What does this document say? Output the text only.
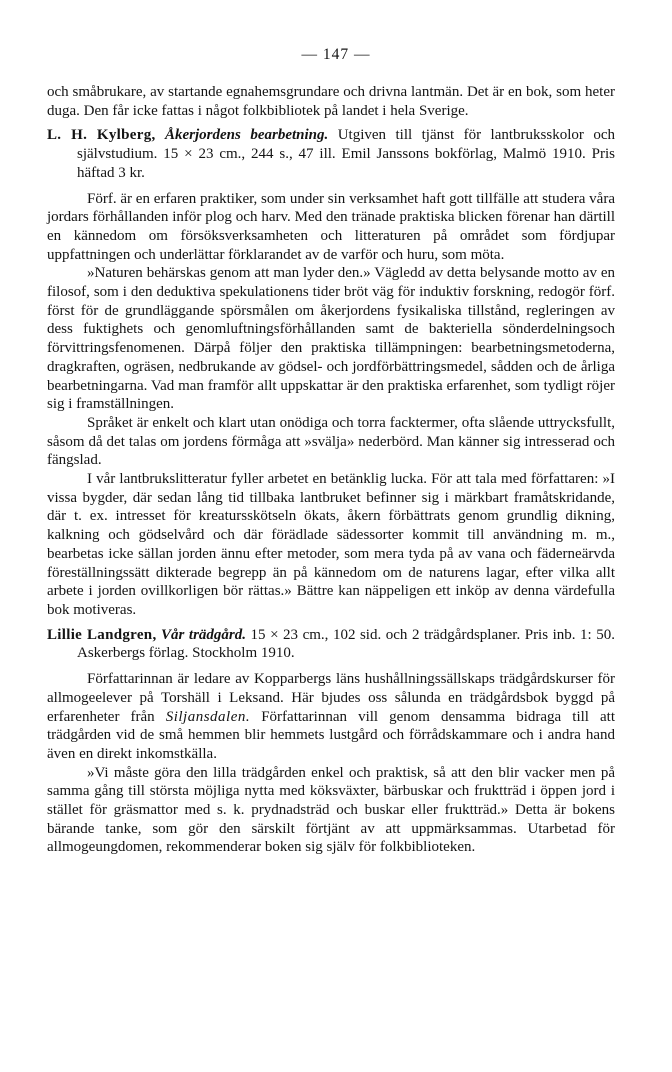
— 147 —

och småbrukare, av startande egnahemsgrundare och drivna lantmän. Det är en bok, som heter duga. Den får icke fattas i något folkbibliotek på landet i hela Sverige.

L. H. Kylberg, Åkerjordens bearbetning. Utgiven till tjänst för lantbruksskolor och självstudium. 15 × 23 cm., 244 s., 47 ill. Emil Janssons bokförlag, Malmö 1910. Pris häftad 3 kr.

Förf. är en erfaren praktiker, som under sin verksamhet haft gott tillfälle att studera våra jordars förhållanden inför plog och harv. Med den tränade praktiska blicken förenar han därtill en kännedom om försöksverksamheten och litteraturen på området som fördjupar uppfattningen och underlättar förklarandet av de varför och huru, som möta.

»Naturen behärskas genom att man lyder den.» Vägledd av detta belysande motto av en filosof, som i den deduktiva spekulationens tider bröt väg för induktiv forskning, redogör förf. först för de grundläggande spörsmålen om åkerjordens fysikaliska tillstånd, regleringen av dess fuktighets och genomluftningsförhållanden samt de bakteriella sönderdelningsoch förvittringsfenomenen. Därpå följer den praktiska tillämpningen: bearbetningsmetoderna, dragkraften, ogräsen, nedbrukande av gödsel- och jordförbättringsmedel, sådden och de årliga bearbetningarna. Vad man framför allt uppskattar är den praktiska erfarenhet, som tydligt röjer sig i framställningen.

Språket är enkelt och klart utan onödiga och torra facktermer, ofta slående uttrycksfullt, såsom då det talas om jordens förmåga att »svälja» nederbörd. Man känner sig intresserad och fängslad.

I vår lantbrukslitteratur fyller arbetet en betänklig lucka. För att tala med författaren: »I vissa bygder, där sedan lång tid tillbaka lantbruket befinner sig i märkbart framåtskridande, där t. ex. intresset för kreatursskötseln ökats, åkern förbättrats genom grundlig dikning, kalkning och gödselvård och där förädlade sädessorter kommit till användning m. m., bearbetas icke sällan jorden ännu efter metoder, som mera tyda på av vana och fäderneärvda föreställningssätt dikterade begrepp än på kännedom om de naturens lagar, efter vilka allt arbete i jorden ovillkorligen bör rättas.» Bättre kan näppeligen ett inköp av denna värdefulla bok motiveras.

Lillie Landgren, Vår trädgård. 15 × 23 cm., 102 sid. och 2 trädgårdsplaner. Pris inb. 1: 50. Askerbergs förlag. Stockholm 1910.

Författarinnan är ledare av Kopparbergs läns hushållningssällskaps trädgårdskurser för allmogeelever på Torshäll i Leksand. Här bjudes oss sålunda en trädgårdsbok byggd på erfarenheter från Siljansdalen. Författarinnan vill genom densamma bidraga till att trädgården vid de små hemmen blir hemmets lustgård och förrådskammare och i andra hand även en direkt inkomstkälla.

»Vi måste göra den lilla trädgården enkel och praktisk, så att den blir vacker men på samma gång till största möjliga nytta med köksväxter, bärbuskar och fruktträd i öppen jord i stället för gräsmattor med s. k. prydnadsträd och buskar eller fruktträd.» Detta är bokens bärande tanke, som gör den särskilt förtjänt av att uppmärksammas. Utarbetad för allmogeungdomen, rekommenderar boken sig själv för folkbiblioteken.
